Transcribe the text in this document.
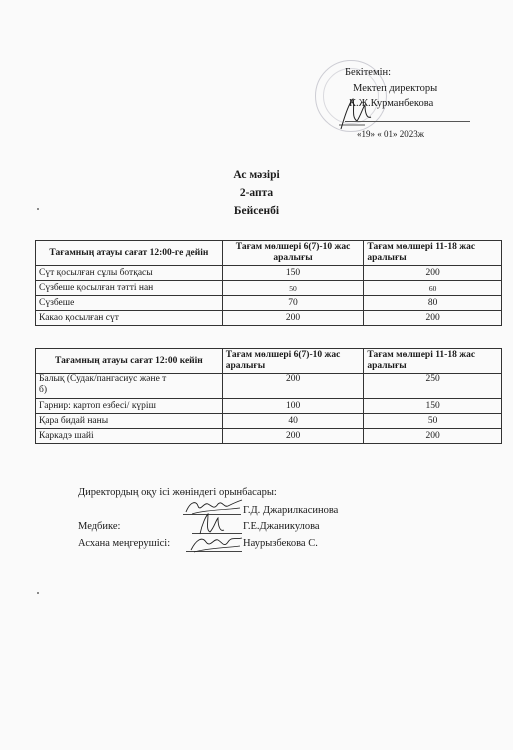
Бекітемін:
Мектеп директоры
К.Ж.Курманбекова
«19» « 01» 2023ж
Ас мәзірі
2-апта
Бейсенбі
Тағамның атауы сағат 12:00-ге дейін	Тағам мөлшері 6(7)-10 жас аралығы	Тағам мөлшері 11-18 жас аралығы
Сүт қосылған сұлы ботқасы	150	200
Сүзбеше қосылған тәтті нан	50	60
Сүзбеше	70	80
Какао қосылған сүт	200	200
Тағамның атауы сағат 12:00 кейін	Тағам мөлшері 6(7)-10 жас аралығы	Тағам мөлшері 11-18 жас аралығы

Балық (Судак/пангасиус және т
б)	200	250
Гарнир: картоп езбесі/ күріш	100	150
Қара бидай наны	40	50
Каркадэ шайі	200	200
Директордың оқу ісі жөніндегі орынбасары:
Г.Д. Джарилкасинова
Медбике:	Г.Е.Джаникулова
Асхана меңгерушісі:	Наурызбекова С.
